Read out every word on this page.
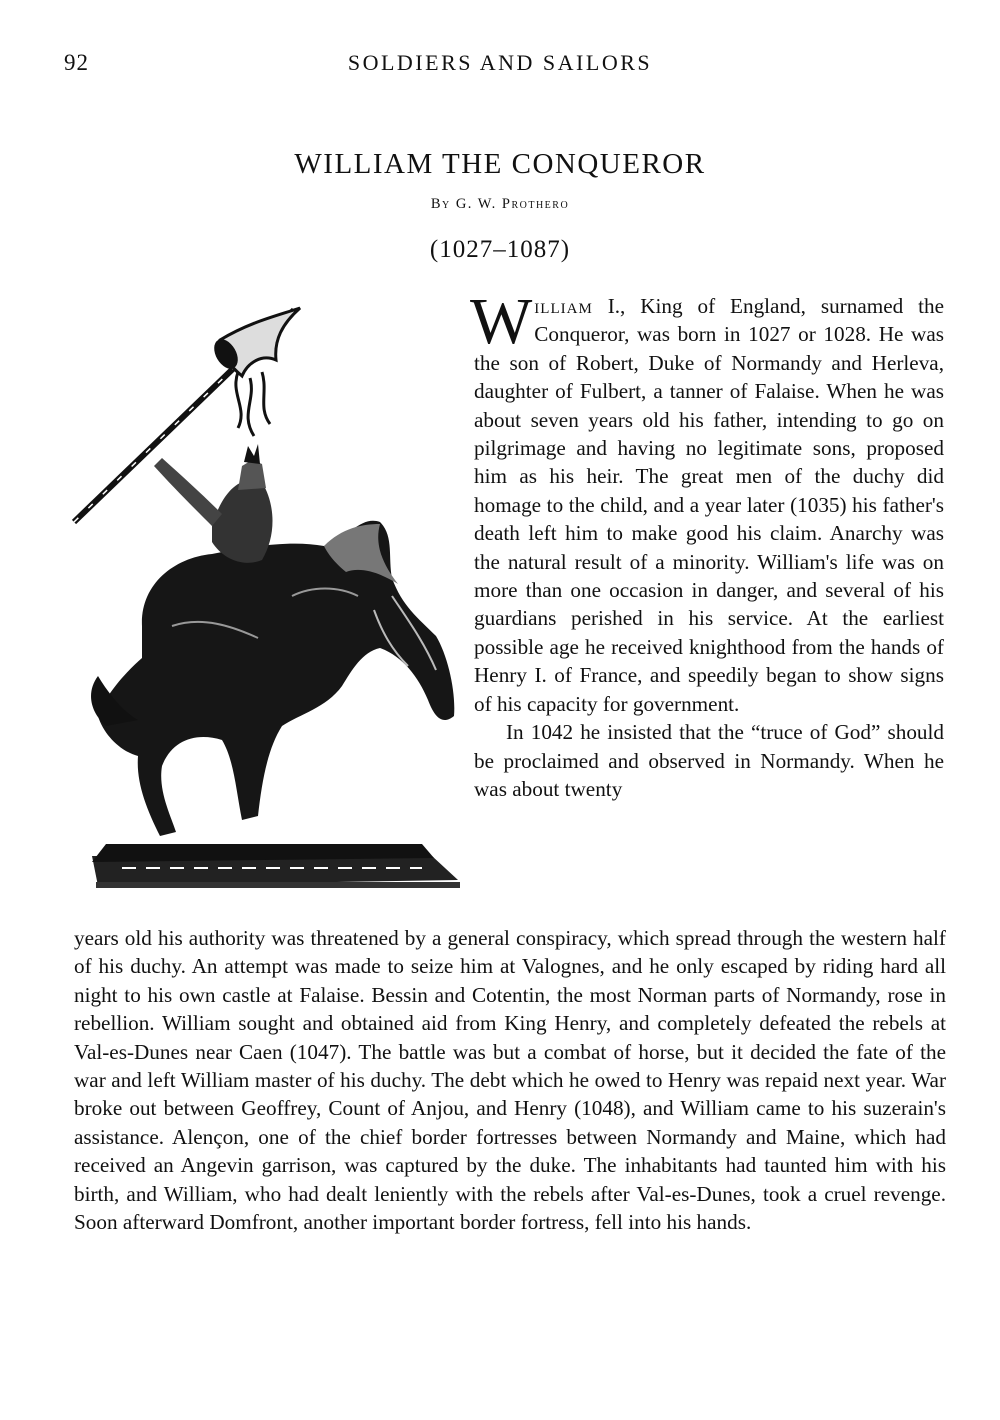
92	SOLDIERS AND SAILORS
WILLIAM THE CONQUEROR
By G. W. Prothero
(1027–1087)

William I., King of England, surnamed the Conqueror, was born in 1027 or 1028. He was the son of Robert, Duke of Normandy and Herleva, daughter of Fulbert, a tanner of Falaise. When he was about seven years old his father, intending to go on pilgrimage and having no legitimate sons, proposed him as his heir. The great men of the duchy did homage to the child, and a year later (1035) his father's death left him to make good his claim. Anarchy was the natural result of a minority. William's life was on more than one occasion in danger, and several of his guardians perished in his service. At the earliest possible age he received knighthood from the hands of Henry I. of France, and speedily began to show signs of his capacity for government.

In 1042 he insisted that the “truce of God” should be proclaimed and observed in Normandy. When he was about twenty

years old his authority was threatened by a general conspiracy, which spread through the western half of his duchy. An attempt was made to seize him at Valognes, and he only escaped by riding hard all night to his own castle at Falaise. Bessin and Cotentin, the most Norman parts of Normandy, rose in rebellion. William sought and obtained aid from King Henry, and completely defeated the rebels at Val-es-Dunes near Caen (1047). The battle was but a combat of horse, but it decided the fate of the war and left William master of his duchy. The debt which he owed to Henry was repaid next year. War broke out between Geoffrey, Count of Anjou, and Henry (1048), and William came to his suzerain's assistance. Alençon, one of the chief border fortresses between Normandy and Maine, which had received an Angevin garrison, was captured by the duke. The inhabitants had taunted him with his birth, and William, who had dealt leniently with the rebels after Val-es-Dunes, took a cruel revenge. Soon afterward Domfront, another important border fortress, fell into his hands.
